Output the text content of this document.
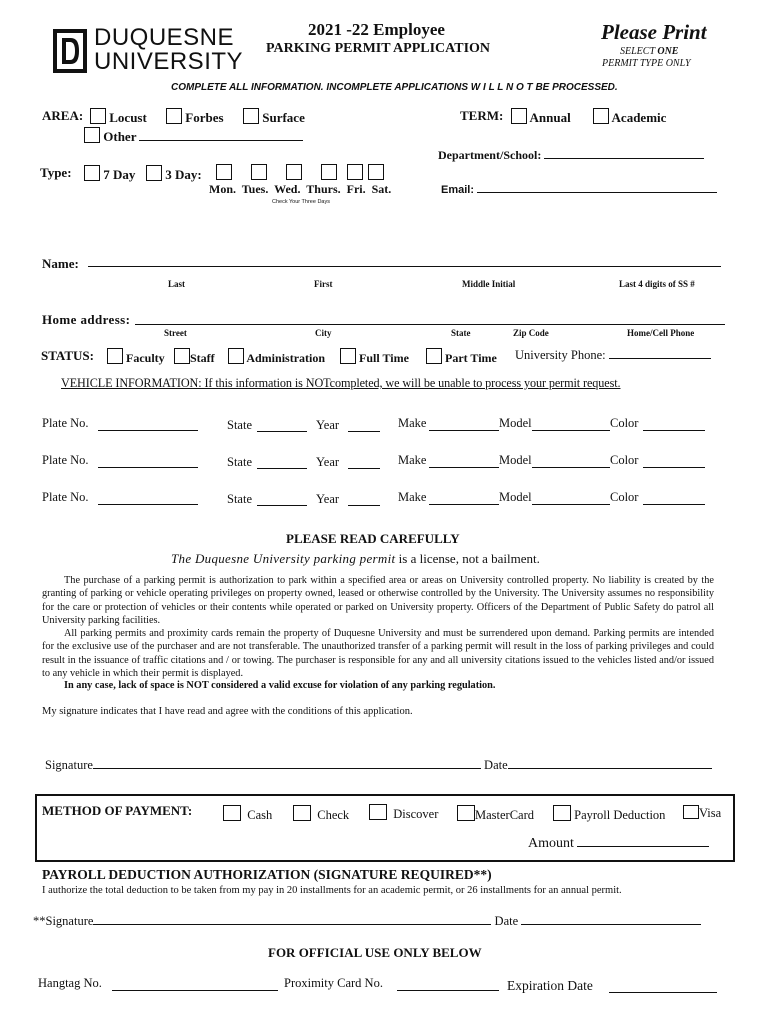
DUQUESNE
UNIVERSITY
2021 -22 Employee
PARKING PERMIT APPLICATION
Please Print
SELECT ONE
PERMIT TYPE ONLY
COMPLETE ALL INFORMATION. INCOMPLETE APPLICATIONS W I L L N O T BE PROCESSED.
AREA:	Locust	Forbes	Surface
Other
TERM:	Annual	Academic
Department/School:
Type:	7 Day	3 Day:
Mon.  Tues.  Wed.  Thurs.  Fri.  Sat.
Check Your Three Days
Email:
Name:
Last	First	Middle Initial	Last 4 digits of SS #
Home address:
Street	City	State	Zip Code	Home/Cell Phone
STATUS:	Faculty	Staff	Administration	Full Time	Part Time University Phone:
VEHICLE INFORMATION: If this information is NOTcompleted, we will be unable to process your permit request.
Plate No.	State	Year	Make	Model	Color
Plate No.	State	Year	Make	Model	Color
Plate No.	State	Year	Make	Model	Color
PLEASE READ CAREFULLY
The Duquesne University parking permit is a license, not a bailment.
The purchase of a parking permit is authorization to park within a specified area or areas on University controlled property. No liability is created by the granting of parking or vehicle operating privileges on property owned, leased or otherwise controlled by the University. The University assumes no responsibility for the care or protection of vehicles or their contents while operated or parked on University property. Officers of the Department of Public Safety do patrol all University parking facilities.
All parking permits and proximity cards remain the property of Duquesne University and must be surrendered upon demand. Parking permits are intended for the exclusive use of the purchaser and are not transferable. The unauthorized transfer of a parking permit will result in the loss of parking privileges and could result in the issuance of traffic citations and / or towing. The purchaser is responsible for any and all university citations issued to the vehicles listed and/or issued to any vehicle in which their permit is displayed.
In any case, lack of space is NOT considered a valid excuse for violation of any parking regulation.
My signature indicates that I have read and agree with the conditions of this application.
Signature	Date
METHOD OF PAYMENT:	Cash	Check	Discover	MasterCard	Payroll Deduction	Visa
Amount
PAYROLL DEDUCTION AUTHORIZATION (SIGNATURE REQUIRED**)
I authorize the total deduction to be taken from my pay in 20 installments for an academic permit, or 26 installments for an annual permit.
**Signature	Date
FOR OFFICIAL USE ONLY BELOW
Hangtag No.	Proximity Card No.	Expiration Date
